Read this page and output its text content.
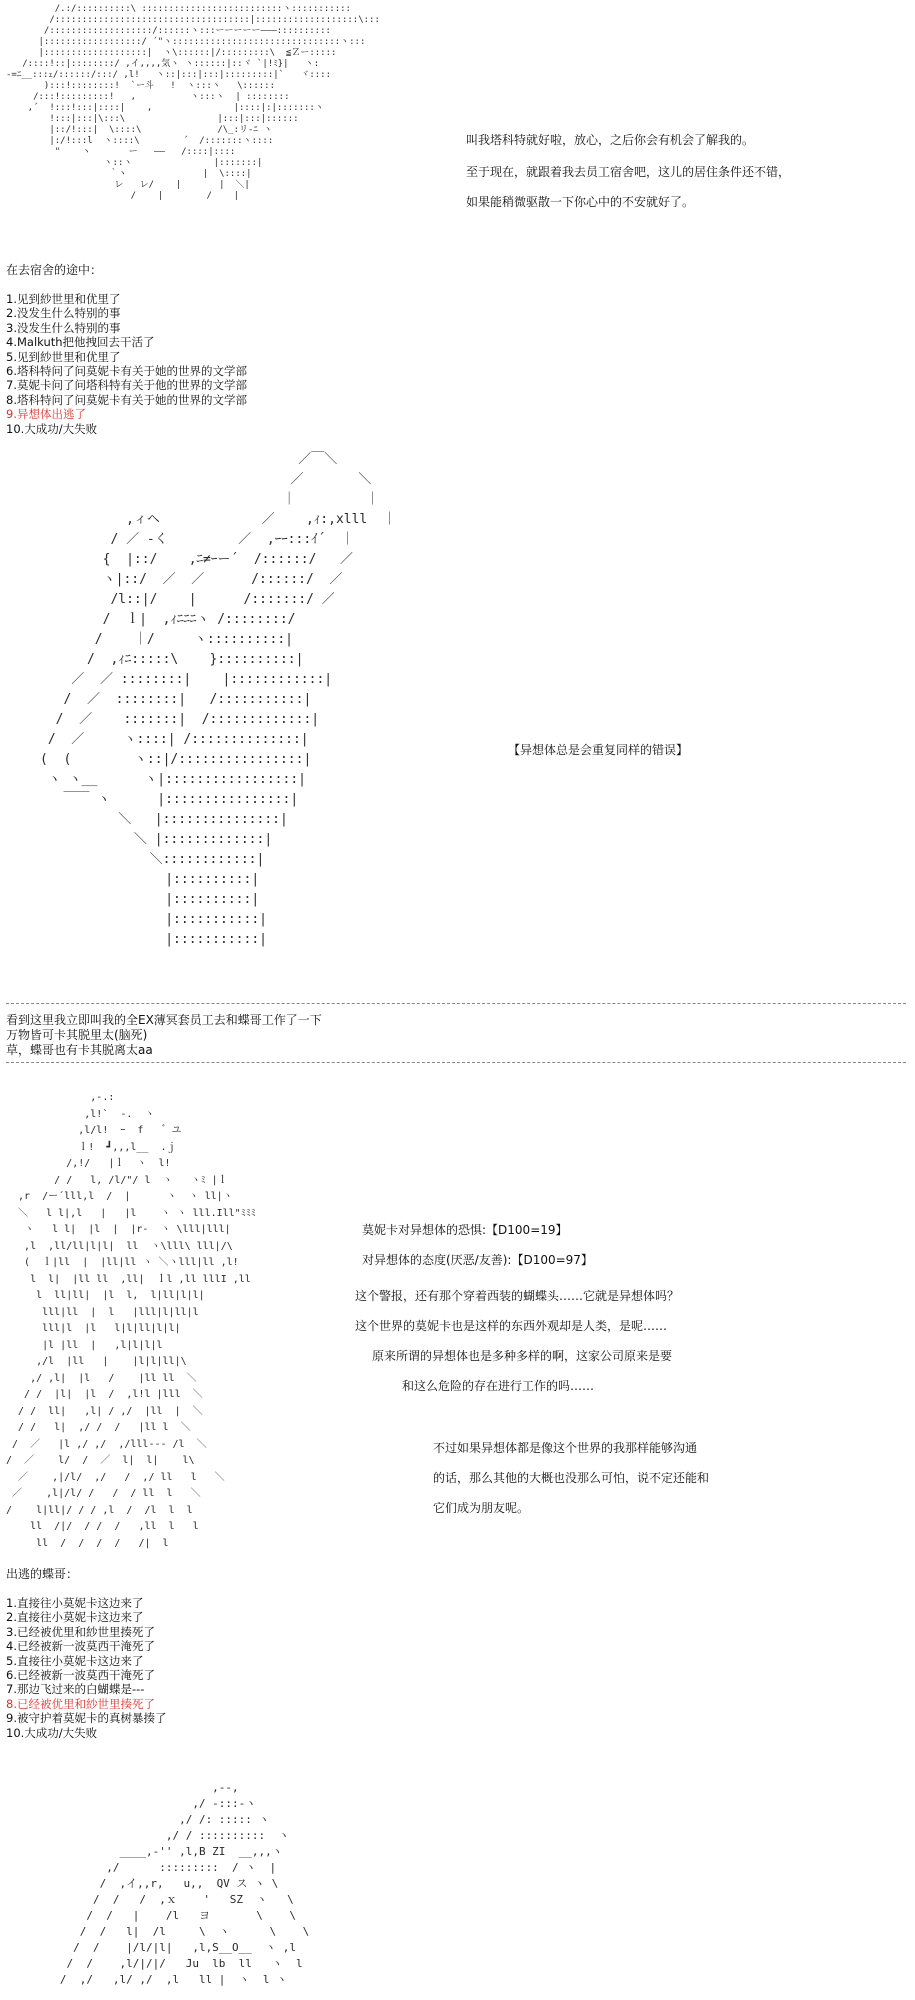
/.:/::::::::::\ ::::::::::::::::::::::::::ヽ:::::::::::
/::::::::::::::::::::::::::::::::::::|:::::::::::::::::::\:::
/:::::::::::::::::::/::::::ヽ:::ーーーーー―――::::::::::
|::::::::::::::::::/ ´"ヽ:::::::::::::::::::::::::::::::ヽ:::
|:::::::::::::::::::|  ヽ\::::::|/:::::::::\  ≦Ｚー:::::
/::::!::|::::::::/ ,イ,,,,気ヽ ヽ::::::|::ヾ `|!ﾐ}|   ヽ:
-=ﾆ__:::ｪ/::::::/:::/ ,l!   ヽ::|:::|:::|:::::::::|`   ヾ::::
):::!::::::::!  `ー斗   !  ヽ:::ヽ   \::::::
/:::!:::::::::!   ,          ヽ:::ヽ  | ::::::::
,´  !:::!:::|::::|    ,               |::::|:|:::::::ヽ
!:::|:::|\:::\                 |:::|:::|::::::
|::/!:::|  \::::\              /\_:リ-ﾆ ヽ
|:/!:::l  ヽ::::\        ´  /:::::::ヽ::::
"    ヽ       ー   ――   /::::|::::
ヽ::ヽ               |:::::::|
｀ヽ              |  \::::|
レ   レ/    |       |  ＼|
/    |        /    |
叫我塔科特就好啦，放心，之后你会有机会了解我的。
至于现在，就跟着我去员工宿舍吧，这儿的居住条件还不错，
如果能稍微驱散一下你心中的不安就好了。
在去宿舍的途中：
1.见到紗世里和优里了
2.没发生什么特别的事
3.没发生什么特别的事
4.Malkuth把他拽回去干活了
5.见到紗世里和优里了
6.塔科特问了问莫妮卡有关于她的世界的文学部
7.莫妮卡问了问塔科特有关于他的世界的文学部
8.塔科特问了问莫妮卡有关于她的世界的文学部
9.异想体出逃了
10.大成功/大失败
／￣＼
／       ＼
｜         ｜
,ィヘ             ／    ,ｨ:,xlll  ｜
/ ／ -く         ／  ,ｰｰ:::ｲ´  ｜
{  |::/    ,ﾆ≠ｰー´  /::::::/   ／
ヽ|::/  ／  ／      /::::::/  ／
/l::|/    |      /:::::::/ ／
/  ｌ|  ,ｨﾆﾆﾆヽ /::::::::/
/    ｜/     ヽ::::::::::|
/  ,ｨﾆ:::::\    }::::::::::|
／  ／ ::::::::|    |::::::::::::|
/  ／  ::::::::|   /:::::::::::|
/  ／    :::::::|  /:::::::::::::|
/  ／     ヽ::::| /::::::::::::::|
(  (        ヽ::|/::::::::::::::::|
ヽ ヽ__      ヽ|:::::::::::::::::|
￣￣ ヽ      |::::::::::::::::|
＼   |:::::::::::::::|
＼ |:::::::::::::|
＼::::::::::::|
|::::::::::|
|::::::::::|
|:::::::::::|
|:::::::::::|
【异想体总是会重复同样的错误】
看到这里我立即叫我的全EX薄冥套员工去和蝶哥工作了一下
万物皆可卡其脱里太(脑死)
草，蝶哥也有卡其脱离太aa
,-.:
,l!`  -.  ヽ
,l/l!  ｰ  f   ゛ユ
ｌ!  ┛,,,l__  .ｊ
/,!/   |ｌ  ヽ  l!
/ /   l, /l/"/ l  ヽ   ヽﾐ |ｌ
,r  /ー´lll,l  /  |      ヽ  ヽ ll|ヽ
＼   l l|,l   |   |l    ヽ ヽ lll.Ill"ﾐﾐﾐ
ヽ   l l|  |l  |  |r-  ヽ \lll|lll|
,l  ,ll/ll|l|l|  ll  ヽ\lll\ lll|/\
(  ｌ|ll  |  |ll|ll ヽ ＼ヽlll|ll ,l!
l  l|  |ll ll  ,ll|  ｌl ,ll lllI ,ll
l  ll|ll|  |l  l,  l|ll|l|l|
lll|ll  |  l   |lll|l|ll|l
lll|l  |l   l|l|ll|l|l|
|l |ll  |   ,l|l|l|l
,/l  |ll   |    |l|l|ll|\
,/ ,l|  |l   /    |ll ll  ＼
/ /  |l|  |l  /  ,l!l |lll  ＼
/ /  ll|   ,l| / ,/  |ll  |  ＼
/ /   l|  ,/ /  /   |ll l  ＼
/  ／   |l ,/ ,/  ,/lll--- /l  ＼
/  ／    l/  /  ／  l|  l|    l\
／    ,|/l/  ,/   /  ,/ ll   l   ＼
／    ,l|/l/ /   /  / ll  l   ＼
/    l|ll|/ / / ,l  /  /l  l  l
ll  /|/  / /  /   ,ll  l   l
ll  /  /  /  /   /|  l
莫妮卡对异想体的恐惧:【D100=19】
对异想体的态度(厌恶/友善):【D100=97】
这个警报，还有那个穿着西装的蝴蝶头……它就是异想体吗？
这个世界的莫妮卡也是这样的东西外观却是人类，是呢……
原来所谓的异想体也是多种多样的啊，这家公司原来是要
和这么危险的存在进行工作的吗……
不过如果异想体都是像这个世界的我那样能够沟通
的话，那么其他的大概也没那么可怕，说不定还能和
它们成为朋友呢。
出逃的蝶哥：
1.直接往小莫妮卡这边来了
2.直接往小莫妮卡这边来了
3.已经被优里和紗世里揍死了
4.已经被新一波莫西干淹死了
5.直接往小莫妮卡这边来了
6.已经被新一波莫西干淹死了
7.那边飞过来的白蝴蝶是---
8.已经被优里和紗世里揍死了
9.被守护着莫妮卡的真树暴揍了
10.大成功/大失败
,--,
,/ -:::-ヽ
,/ /: ::::: ヽ
,/ / ::::::::::  ヽ
____,-'' ,l,B ZI  __,,,ヽ
,/      :::::::::  / ヽ  |
/  ,イ,,r,   u,,  QV ス ヽ \
/  /   /  ,ｘ    '   SZ  ヽ   \
/  /   |    /l   ヨ       \    \
/  /   l|  /l     \  ヽ      \    \
/  /    |/l/|l|   ,l,S__O__  ヽ ,l
/  /    ,l/|/|/   Ju  lb  ll   ヽ  l
/  ,/   ,l/ ,/  ,l   ll |  ヽ  l ヽ
